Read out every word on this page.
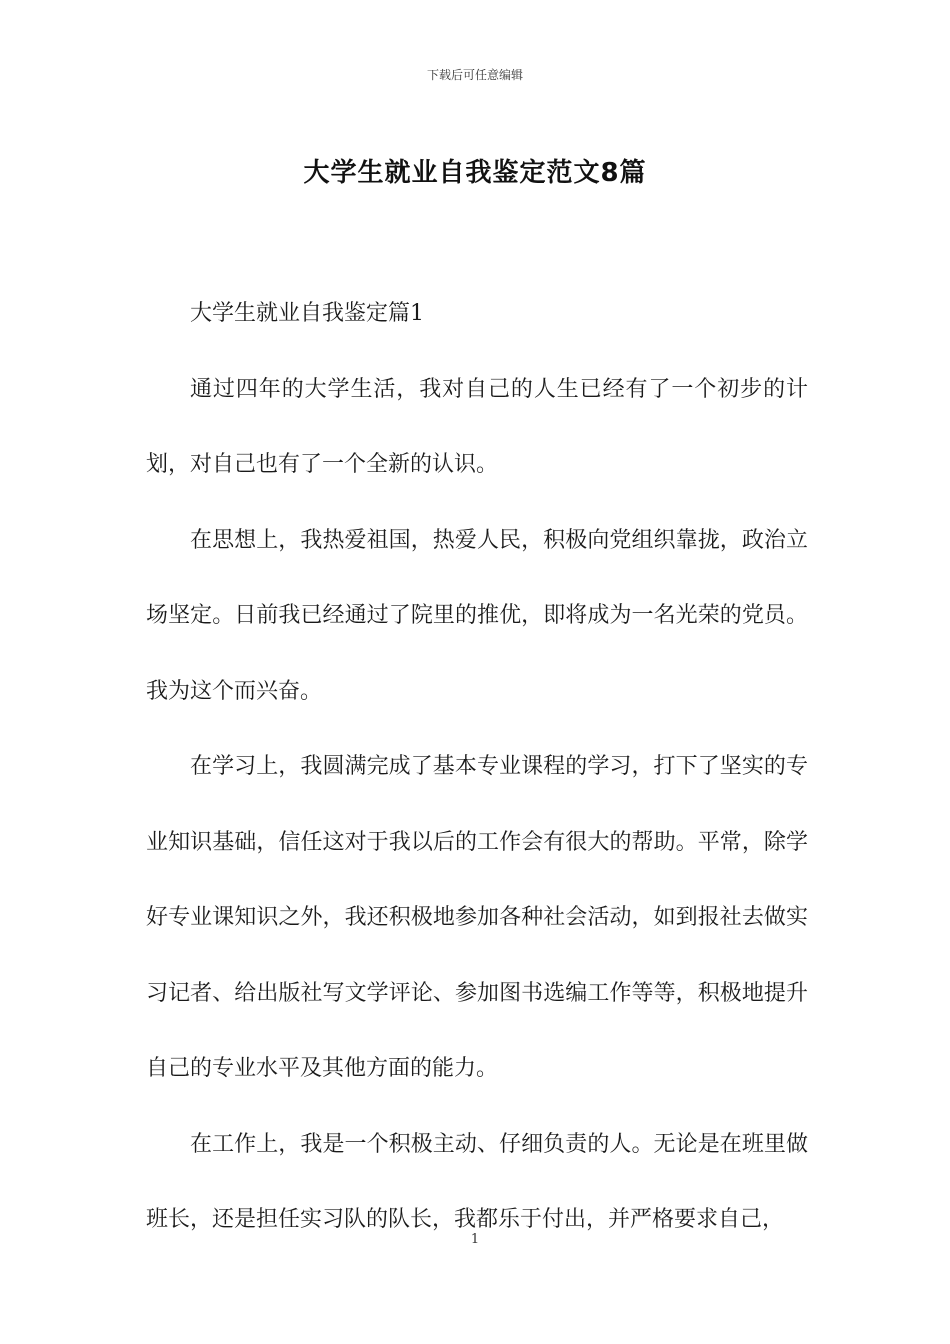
下载后可任意编辑
大学生就业自我鉴定范文8篇

大学生就业自我鉴定篇1

通过四年的大学生活，我对自己的人生已经有了一个初步的计划，对自己也有了一个全新的认识。

在思想上，我热爱祖国，热爱人民，积极向党组织靠拢，政治立场坚定。日前我已经通过了院里的推优，即将成为一名光荣的党员。我为这个而兴奋。

在学习上，我圆满完成了基本专业课程的学习，打下了坚实的专业知识基础，信任这对于我以后的工作会有很大的帮助。平常，除学好专业课知识之外，我还积极地参加各种社会活动，如到报社去做实习记者、给出版社写文学评论、参加图书选编工作等等，积极地提升自己的专业水平及其他方面的能力。

在工作上，我是一个积极主动、仔细负责的人。无论是在班里做班长，还是担任实习队的队长，我都乐于付出，并严格要求自己，

1
